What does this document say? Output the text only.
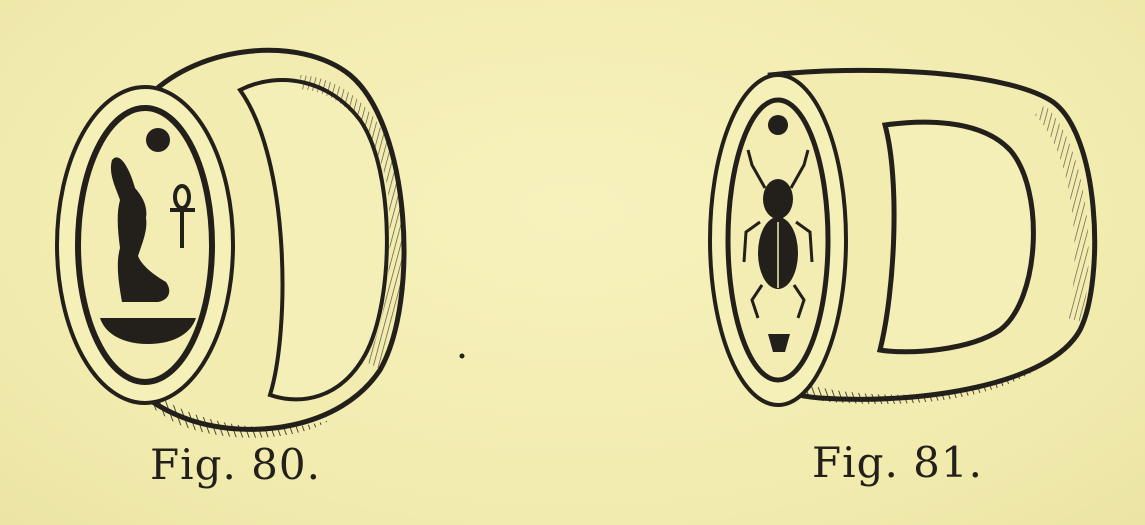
Fig. 80.	Fig. 81.
